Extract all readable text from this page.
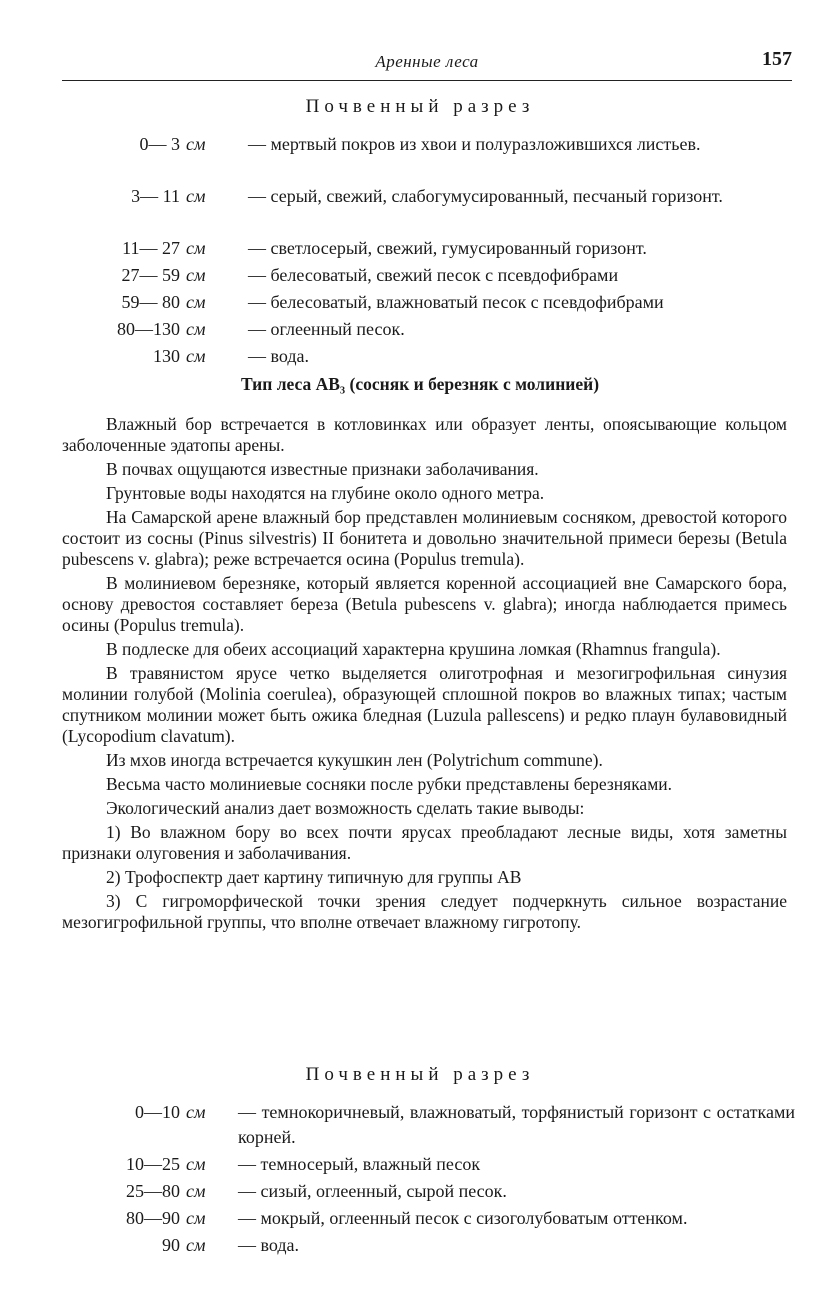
Аренные леса	157
Почвенный разрез
0— 3 см — мертвый покров из хвои и полуразложившихся листьев.
3— 11 см — серый, свежий, слабогумусированный, песчаный горизонт.
11— 27 см — светлосерый, свежий, гумусированный горизонт.
27— 59 см — белесоватый, свежий песок с псевдофибрами
59— 80 см — белесоватый, влажноватый песок с псевдофибрами
80—130 см — оглеенный песок.
130 см — вода.
Тип леса АВ₃ (сосняк и березняк с молинией)

Влажный бор встречается в котловинках или образует ленты, опоясывающие кольцом заболоченные эдатопы арены.

В почвах ощущаются известные признаки заболачивания.

Грунтовые воды находятся на глубине около одного метра.

На Самарской арене влажный бор представлен молиниевым сосняком, древостой которого состоит из сосны (Pinus silvestris) II бонитета и довольно значительной примеси березы (Betula pubescens v. glabra); реже встречается осина (Populus tremula).

В молиниевом березняке, который является коренной ассоциацией вне Самарского бора, основу древостоя составляет береза (Betula pubescens v. glabra); иногда наблюдается примесь осины (Populus tremula).

В подлеске для обеих ассоциаций характерна крушина ломкая (Rhamnus frangula).

В травянистом ярусе четко выделяется олиготрофная и мезогигрофильная синузия молинии голубой (Molinia coerulea), образующей сплошной покров во влажных типах; частым спутником молинии может быть ожика бледная (Luzula pallescens) и редко плаун булавовидный (Lycopodium clavatum).

Из мхов иногда встречается кукушкин лен (Polytrichum commune).

Весьма часто молиниевые сосняки после рубки представлены березняками.

Экологический анализ дает возможность сделать такие выводы:

1) Во влажном бору во всех почти ярусах преобладают лесные виды, хотя заметны признаки олуговения и заболачивания.

2) Трофоспектр дает картину типичную для группы АВ

3) С гигроморфической точки зрения следует подчеркнуть сильное возрастание мезогигрофильной группы, что вполне отвечает влажному гигротопу.

Почвенный разрез
0—10 см — темнокоричневый, влажноватый, торфянистый горизонт с остатками корней.
10—25 см — темносерый, влажный песок
25—80 см — сизый, оглеенный, сырой песок.
80—90 см — мокрый, оглеенный песок с сизоголубоватым оттенком.
90 см — вода.
